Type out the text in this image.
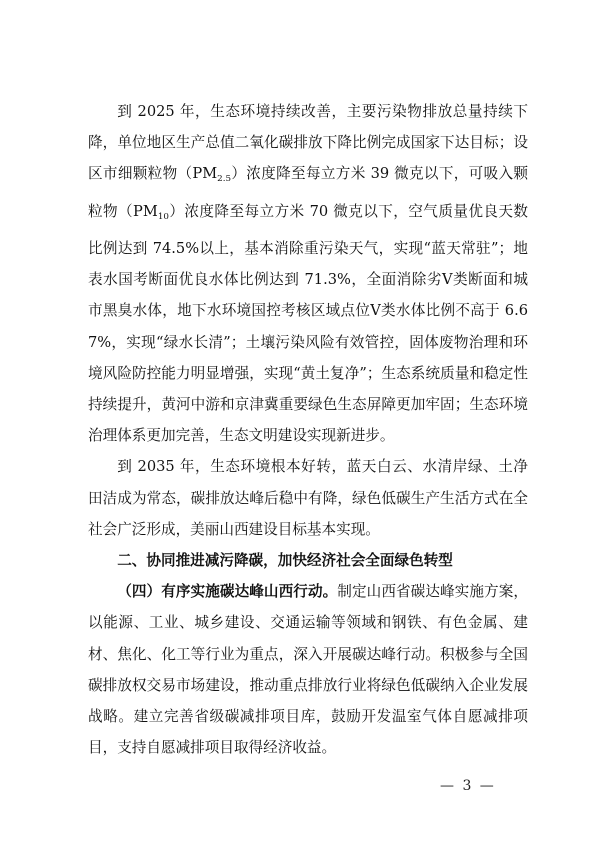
到 2025 年，生态环境持续改善，主要污染物排放总量持续下降，单位地区生产总值二氧化碳排放下降比例完成国家下达目标；设区市细颗粒物$(PM_{2.5})$浓度降至每立方米 39 微克以下，可吸入颗粒物$(PM_{10})$浓度降至每立方米 70 微克以下，空气质量优良天数比例达到 74.5%以上，基本消除重污染天气，实现“蓝天常驻”；地表水国考断面优良水体比例达到 71.3%，全面消除劣Ⅴ类断面和城市黑臭水体，地下水环境国控考核区域点位Ⅴ类水体比例不高于 6.67%，实现“绿水长清”；土壤污染风险有效管控，固体废物治理和环境风险防控能力明显增强，实现“黄土复净”；生态系统质量和稳定性持续提升，黄河中游和京津冀重要绿色生态屏障更加牢固；生态环境治理体系更加完善，生态文明建设实现新进步。

到 2035 年，生态环境根本好转，蓝天白云、水清岸绿、土净田洁成为常态，碳排放达峰后稳中有降，绿色低碳生产生活方式在全社会广泛形成，美丽山西建设目标基本实现。

二、协同推进减污降碳，加快经济社会全面绿色转型

（四）有序实施碳达峰山西行动。制定山西省碳达峰实施方案，以能源、工业、城乡建设、交通运输等领域和钢铁、有色金属、建材、焦化、化工等行业为重点，深入开展碳达峰行动。积极参与全国碳排放权交易市场建设，推动重点排放行业将绿色低碳纳入企业发展战略。建立完善省级碳减排项目库，鼓励开发温室气体自愿减排项目，支持自愿减排项目取得经济收益。

— 3 —
